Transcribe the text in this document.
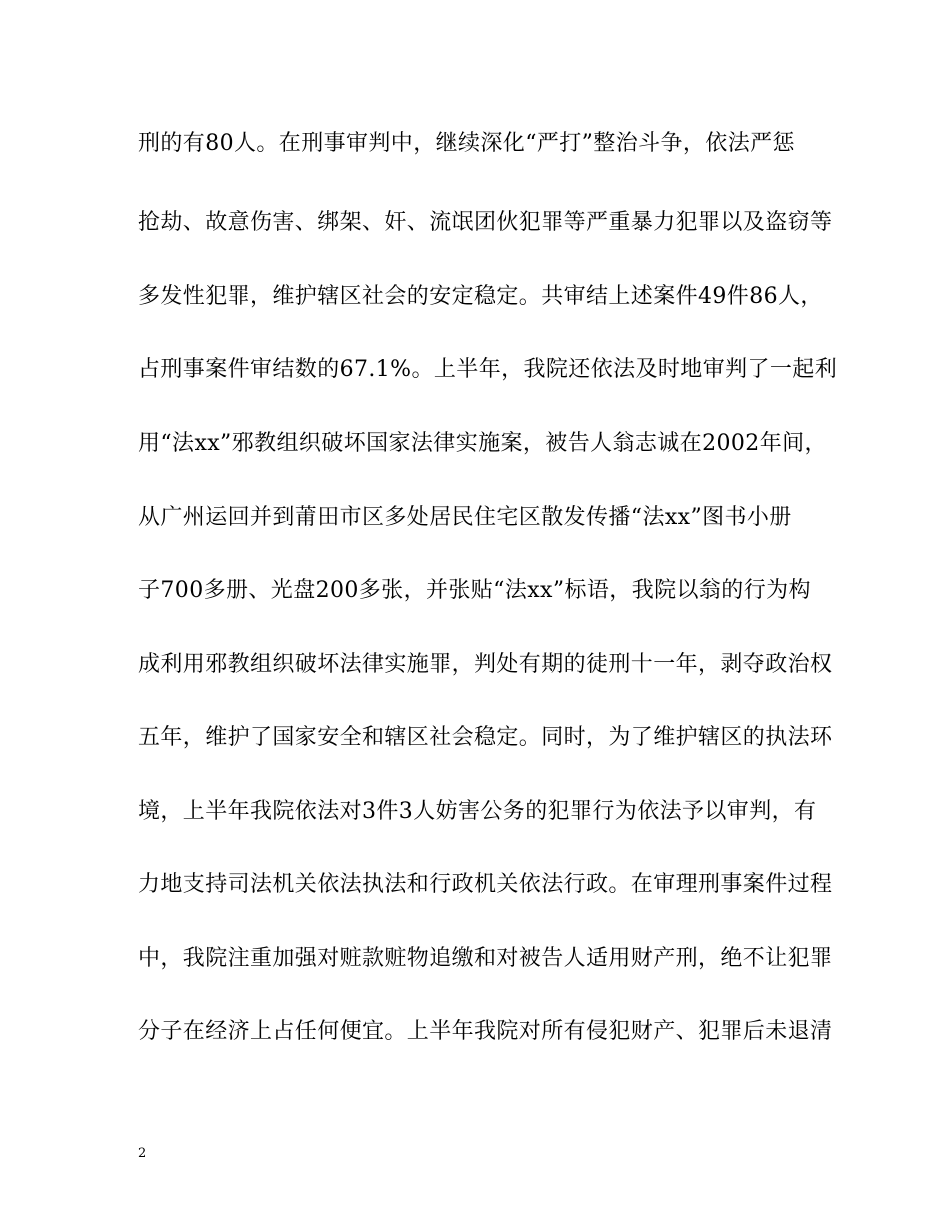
刑的有80人。在刑事审判中，继续深化“严打”整治斗争，依法严惩
抢劫、故意伤害、绑架、奸、流氓团伙犯罪等严重暴力犯罪以及盗窃等
多发性犯罪，维护辖区社会的安定稳定。共审结上述案件49件86人，
占刑事案件审结数的67.1%。上半年，我院还依法及时地审判了一起利
用“法xx”邪教组织破坏国家法律实施案，被告人翁志诚在2002年间，
从广州运回并到莆田市区多处居民住宅区散发传播“法xx”图书小册
子700多册、光盘200多张，并张贴“法xx”标语，我院以翁的行为构
成利用邪教组织破坏法律实施罪，判处有期的徒刑十一年，剥夺政治权
五年，维护了国家安全和辖区社会稳定。同时，为了维护辖区的执法环
境，上半年我院依法对3件3人妨害公务的犯罪行为依法予以审判，有
力地支持司法机关依法执法和行政机关依法行政。在审理刑事案件过程
中，我院注重加强对赃款赃物追缴和对被告人适用财产刑，绝不让犯罪
分子在经济上占任何便宜。上半年我院对所有侵犯财产、犯罪后未退清
2
